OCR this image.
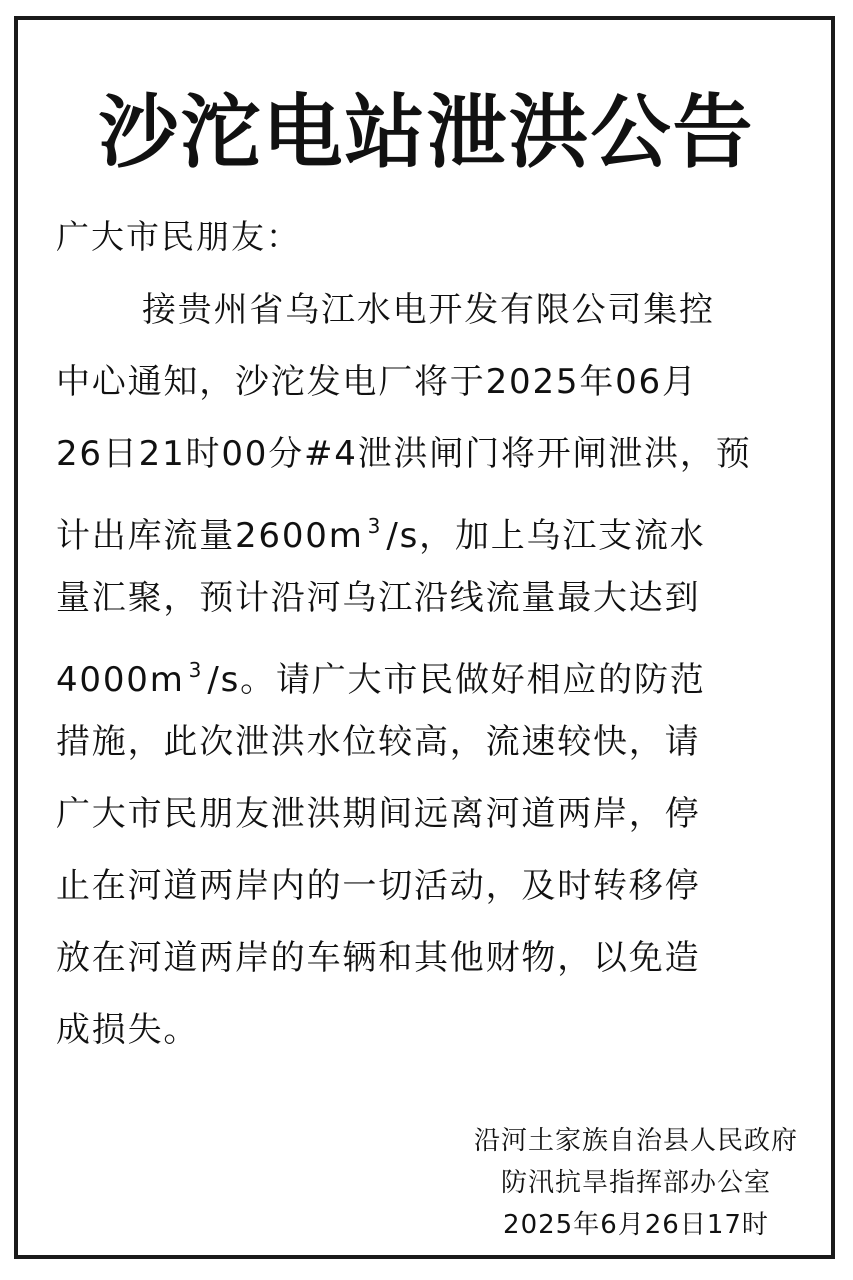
沙沱电站泄洪公告

广大市民朋友：

接贵州省乌江水电开发有限公司集控
中心通知，沙沱发电厂将于2025年06月
26日21时00分#4泄洪闸门将开闸泄洪，预
计出库流量2600m $^3$ /s，加上乌江支流水
量汇聚，预计沿河乌江沿线流量最大达到
4000m $^3$ /s。请广大市民做好相应的防范
措施，此次泄洪水位较高，流速较快，请
广大市民朋友泄洪期间远离河道两岸，停
止在河道两岸内的一切活动，及时转移停
放在河道两岸的车辆和其他财物，以免造
成损失。
沿河土家族自治县人民政府
防汛抗旱指挥部办公室
2025年6月26日17时
